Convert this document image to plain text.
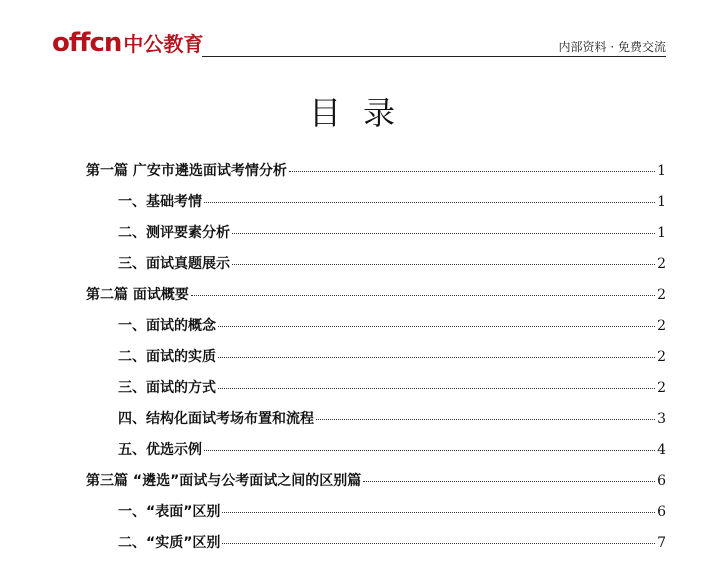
offcn 中公教育	内部资料 · 免费交流
目录
第一篇 广安市遴选面试考情分析	1
一、基础考情	1
二、测评要素分析	1
三、面试真题展示	2
第二篇 面试概要	2
一、面试的概念	2
二、面试的实质	2
三、面试的方式	2
四、结构化面试考场布置和流程	3
五、优选示例	4
第三篇 “遴选”面试与公考面试之间的区别篇	6
一、“表面”区别	6
二、“实质”区别	7
